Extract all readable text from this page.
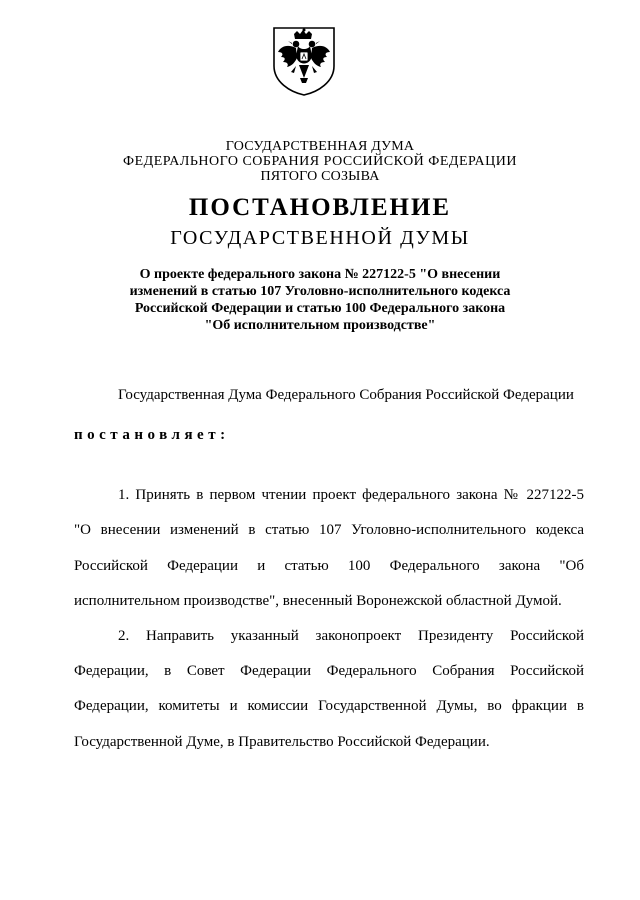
ГОСУДАРСТВЕННАЯ ДУМА
ФЕДЕРАЛЬНОГО СОБРАНИЯ РОССИЙСКОЙ ФЕДЕРАЦИИ
ПЯТОГО СОЗЫВА
ПОСТАНОВЛЕНИЕ
ГОСУДАРСТВЕННОЙ ДУМЫ
О проекте федерального закона № 227122-5 "О внесении
изменений в статью 107 Уголовно-исполнительного кодекса
Российской Федерации и статью 100 Федерального закона
"Об исполнительном производстве"
Государственная Дума Федерального Собрания Российской Федерации
постановляет:
1. Принять в первом чтении проект федерального закона № 227122-5
"О внесении изменений в статью 107 Уголовно-исполнительного кодекса
Российской Федерации и статью 100 Федерального закона "Об
исполнительном производстве", внесенный Воронежской областной Думой.
2. Направить указанный законопроект Президенту Российской
Федерации, в Совет Федерации Федерального Собрания Российской
Федерации, комитеты и комиссии Государственной Думы, во фракции в
Государственной Думе, в Правительство Российской Федерации.
